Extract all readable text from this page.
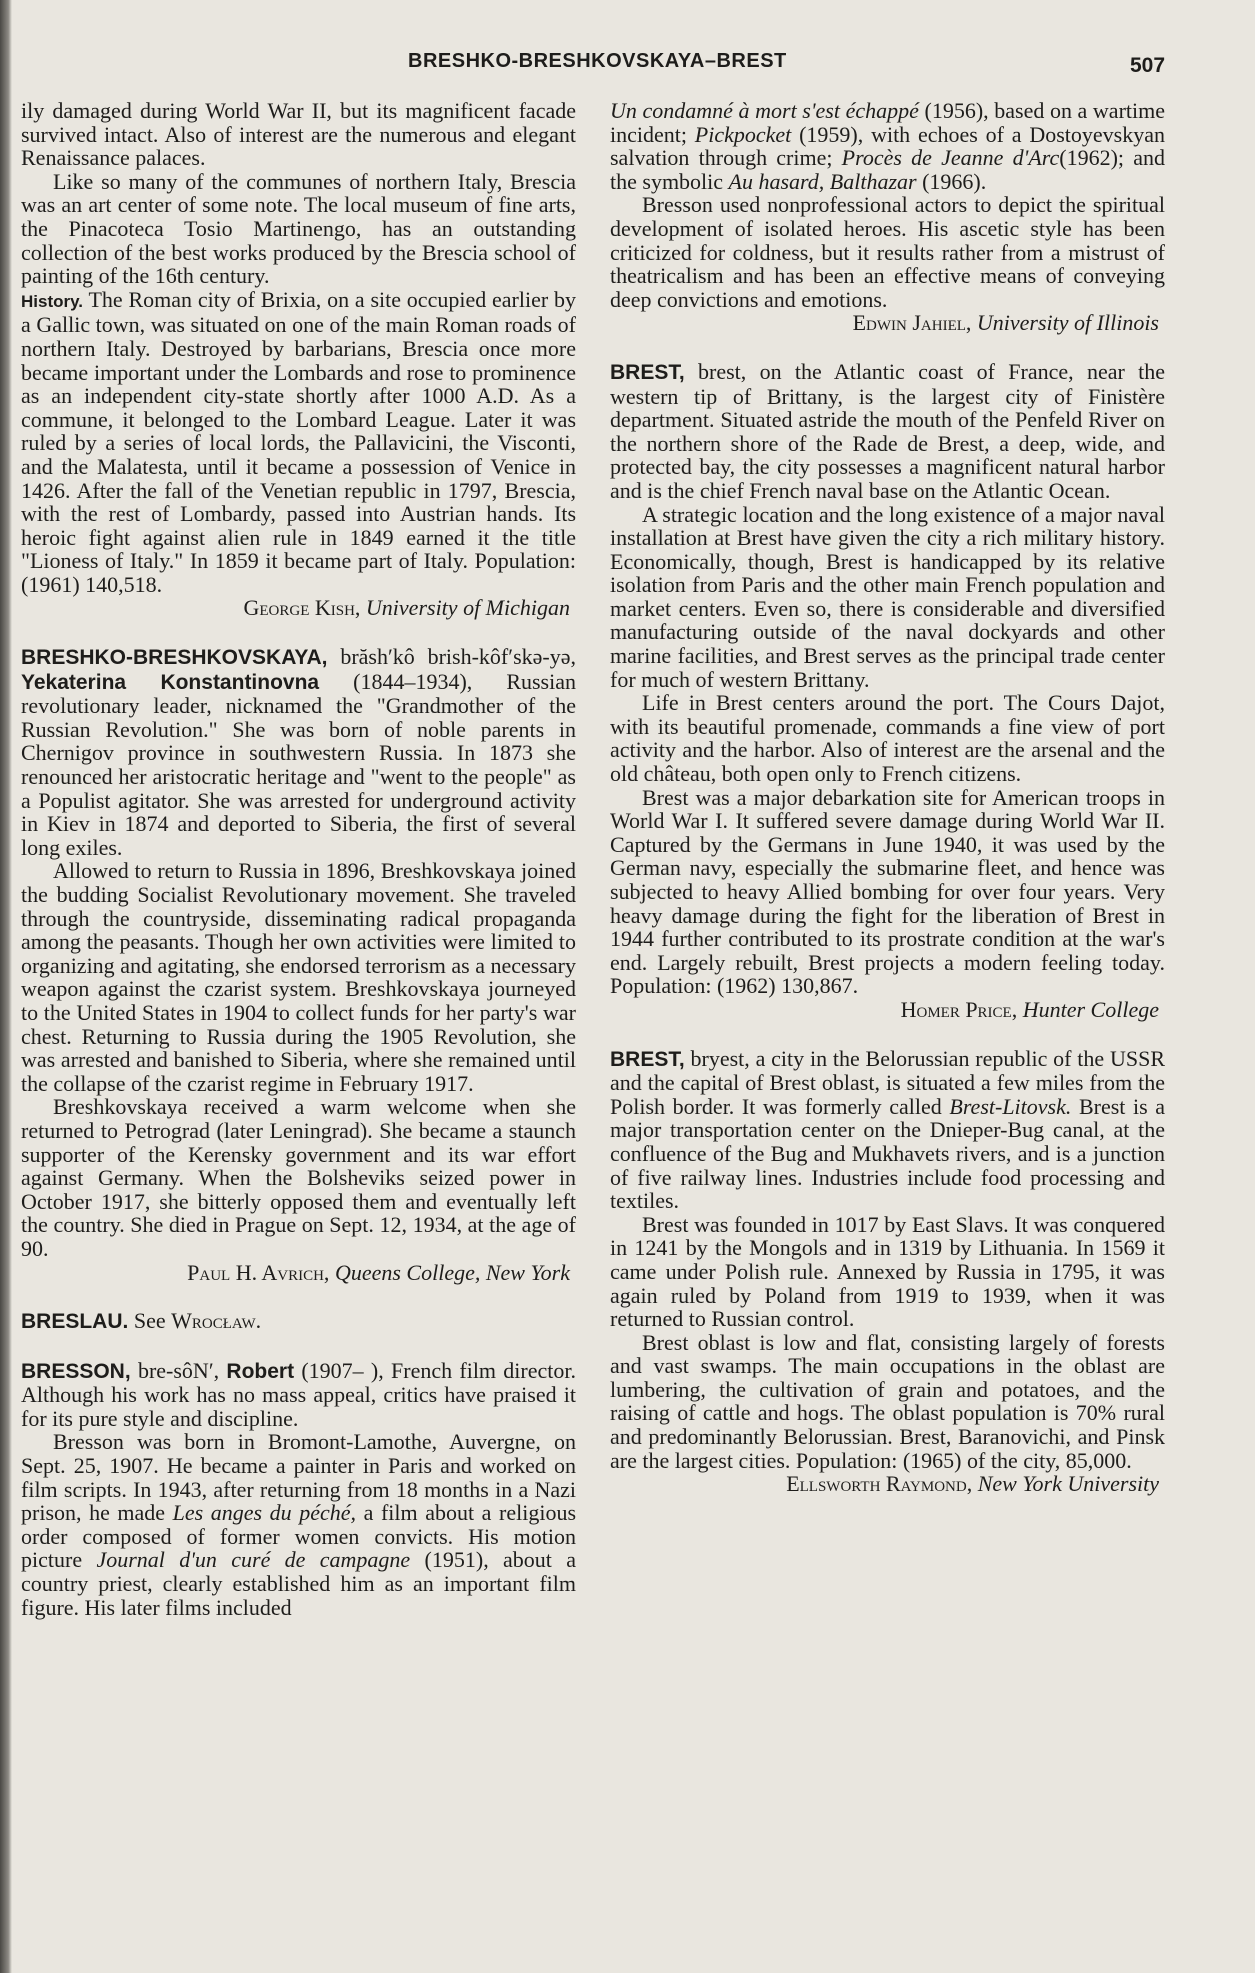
BRESHKO-BRESHKOVSKAYA–BREST	507

ily damaged during World War II, but its magnificent facade survived intact. Also of interest are the numerous and elegant Renaissance palaces.

Like so many of the communes of northern Italy, Brescia was an art center of some note. The local museum of fine arts, the Pinacoteca Tosio Martinengo, has an outstanding collection of the best works produced by the Brescia school of painting of the 16th century.

History. The Roman city of Brixia, on a site occupied earlier by a Gallic town, was situated on one of the main Roman roads of northern Italy. Destroyed by barbarians, Brescia once more became important under the Lombards and rose to prominence as an independent city-state shortly after 1000 A.D. As a commune, it belonged to the Lombard League. Later it was ruled by a series of local lords, the Pallavicini, the Visconti, and the Malatesta, until it became a possession of Venice in 1426. After the fall of the Venetian republic in 1797, Brescia, with the rest of Lombardy, passed into Austrian hands. Its heroic fight against alien rule in 1849 earned it the title "Lioness of Italy." In 1859 it became part of Italy. Population: (1961) 140,518.

George Kish, University of Michigan

BRESHKO-BRESHKOVSKAYA, brăsh′kô brish-kôf′skə-yə, Yekaterina Konstantinovna (1844–1934), Russian revolutionary leader, nicknamed the "Grandmother of the Russian Revolution." She was born of noble parents in Chernigov province in southwestern Russia. In 1873 she renounced her aristocratic heritage and "went to the people" as a Populist agitator. She was arrested for underground activity in Kiev in 1874 and deported to Siberia, the first of several long exiles.

Allowed to return to Russia in 1896, Breshkovskaya joined the budding Socialist Revolutionary movement. She traveled through the countryside, disseminating radical propaganda among the peasants. Though her own activities were limited to organizing and agitating, she endorsed terrorism as a necessary weapon against the czarist system. Breshkovskaya journeyed to the United States in 1904 to collect funds for her party's war chest. Returning to Russia during the 1905 Revolution, she was arrested and banished to Siberia, where she remained until the collapse of the czarist regime in February 1917.

Breshkovskaya received a warm welcome when she returned to Petrograd (later Leningrad). She became a staunch supporter of the Kerensky government and its war effort against Germany. When the Bolsheviks seized power in October 1917, she bitterly opposed them and eventually left the country. She died in Prague on Sept. 12, 1934, at the age of 90.

Paul H. Avrich, Queens College, New York

BRESLAU. See Wrocław.

BRESSON, bre-sôN′, Robert (1907– ), French film director. Although his work has no mass appeal, critics have praised it for its pure style and discipline.

Bresson was born in Bromont-Lamothe, Auvergne, on Sept. 25, 1907. He became a painter in Paris and worked on film scripts. In 1943, after returning from 18 months in a Nazi prison, he made Les anges du péché, a film about a religious order composed of former women convicts. His motion picture Journal d'un curé de campagne (1951), about a country priest, clearly established him as an important film figure. His later films included

Un condamné à mort s'est échappé (1956), based on a wartime incident; Pickpocket (1959), with echoes of a Dostoyevskyan salvation through crime; Procès de Jeanne d'Arc(1962); and the symbolic Au hasard, Balthazar (1966).

Bresson used nonprofessional actors to depict the spiritual development of isolated heroes. His ascetic style has been criticized for coldness, but it results rather from a mistrust of theatricalism and has been an effective means of conveying deep convictions and emotions.

Edwin Jahiel, University of Illinois

BREST, brest, on the Atlantic coast of France, near the western tip of Brittany, is the largest city of Finistère department. Situated astride the mouth of the Penfeld River on the northern shore of the Rade de Brest, a deep, wide, and protected bay, the city possesses a magnificent natural harbor and is the chief French naval base on the Atlantic Ocean.

A strategic location and the long existence of a major naval installation at Brest have given the city a rich military history. Economically, though, Brest is handicapped by its relative isolation from Paris and the other main French population and market centers. Even so, there is considerable and diversified manufacturing outside of the naval dockyards and other marine facilities, and Brest serves as the principal trade center for much of western Brittany.

Life in Brest centers around the port. The Cours Dajot, with its beautiful promenade, commands a fine view of port activity and the harbor. Also of interest are the arsenal and the old château, both open only to French citizens.

Brest was a major debarkation site for American troops in World War I. It suffered severe damage during World War II. Captured by the Germans in June 1940, it was used by the German navy, especially the submarine fleet, and hence was subjected to heavy Allied bombing for over four years. Very heavy damage during the fight for the liberation of Brest in 1944 further contributed to its prostrate condition at the war's end. Largely rebuilt, Brest projects a modern feeling today. Population: (1962) 130,867.

Homer Price, Hunter College

BREST, bryest, a city in the Belorussian republic of the USSR and the capital of Brest oblast, is situated a few miles from the Polish border. It was formerly called Brest-Litovsk. Brest is a major transportation center on the Dnieper-Bug canal, at the confluence of the Bug and Mukhavets rivers, and is a junction of five railway lines. Industries include food processing and textiles.

Brest was founded in 1017 by East Slavs. It was conquered in 1241 by the Mongols and in 1319 by Lithuania. In 1569 it came under Polish rule. Annexed by Russia in 1795, it was again ruled by Poland from 1919 to 1939, when it was returned to Russian control.

Brest oblast is low and flat, consisting largely of forests and vast swamps. The main occupations in the oblast are lumbering, the cultivation of grain and potatoes, and the raising of cattle and hogs. The oblast population is 70% rural and predominantly Belorussian. Brest, Baranovichi, and Pinsk are the largest cities. Population: (1965) of the city, 85,000.

Ellsworth Raymond, New York University
